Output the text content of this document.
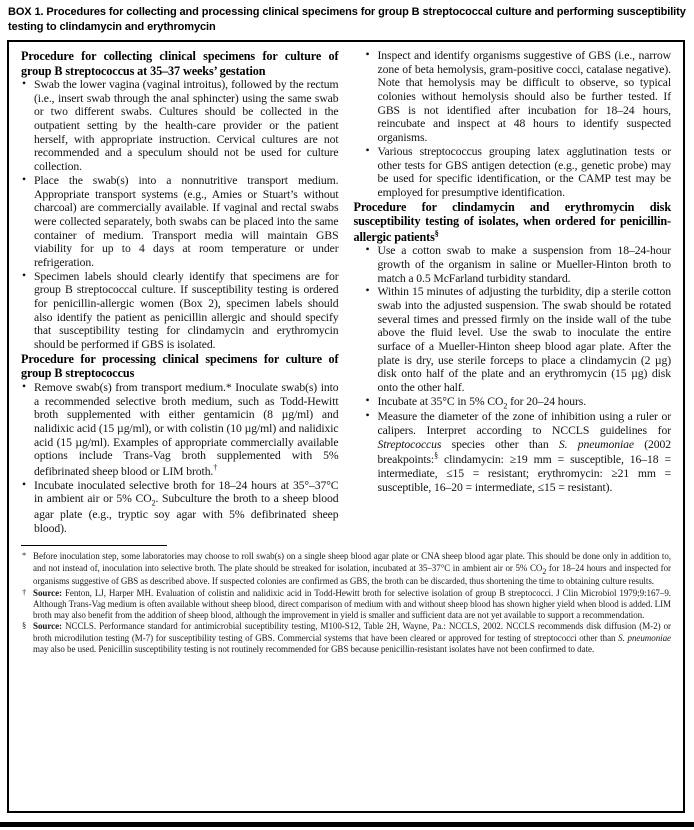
BOX 1. Procedures for collecting and processing clinical specimens for group B streptococcal culture and performing susceptibility testing to clindamycin and erythromycin
Procedure for collecting clinical specimens for culture of group B streptococcus at 35–37 weeks’ gestation
• Swab the lower vagina (vaginal introitus), followed by the rectum (i.e., insert swab through the anal sphincter) using the same swab or two different swabs. Cultures should be collected in the outpatient setting by the health-care provider or the patient herself, with appropriate instruction. Cervical cultures are not recommended and a speculum should not be used for culture collection.
• Place the swab(s) into a nonnutritive transport medium. Appropriate transport systems (e.g., Amies or Stuart’s without charcoal) are commercially available. If vaginal and rectal swabs were collected separately, both swabs can be placed into the same container of medium. Transport media will maintain GBS viability for up to 4 days at room temperature or under refrigeration.
• Specimen labels should clearly identify that specimens are for group B streptococcal culture. If susceptibility testing is ordered for penicillin-allergic women (Box 2), specimen labels should also identify the patient as penicillin allergic and should specify that susceptibility testing for clindamycin and erythromycin should be performed if GBS is isolated.
Procedure for processing clinical specimens for culture of group B streptococcus
• Remove swab(s) from transport medium.* Inoculate swab(s) into a recommended selective broth medium, such as Todd-Hewitt broth supplemented with either gentamicin (8 µg/ml) and nalidixic acid (15 µg/ml), or with colistin (10 µg/ml) and nalidixic acid (15 µg/ml). Examples of appropriate commercially available options include Trans-Vag broth supplemented with 5% defibrinated sheep blood or LIM broth.†
• Incubate inoculated selective broth for 18–24 hours at 35°–37°C in ambient air or 5% $CO_2$. Subculture the broth to a sheep blood agar plate (e.g., tryptic soy agar with 5% defibrinated sheep blood).
• Inspect and identify organisms suggestive of GBS (i.e., narrow zone of beta hemolysis, gram-positive cocci, catalase negative). Note that hemolysis may be difficult to observe, so typical colonies without hemolysis should also be further tested. If GBS is not identified after incubation for 18–24 hours, reincubate and inspect at 48 hours to identify suspected organisms.
• Various streptococcus grouping latex agglutination tests or other tests for GBS antigen detection (e.g., genetic probe) may be used for specific identification, or the CAMP test may be employed for presumptive identification.
Procedure for clindamycin and erythromycin disk susceptibility testing of isolates, when ordered for penicillin-allergic patients§
• Use a cotton swab to make a suspension from 18–24-hour growth of the organism in saline or Mueller-Hinton broth to match a 0.5 McFarland turbidity standard.
• Within 15 minutes of adjusting the turbidity, dip a sterile cotton swab into the adjusted suspension. The swab should be rotated several times and pressed firmly on the inside wall of the tube above the fluid level. Use the swab to inoculate the entire surface of a Mueller-Hinton sheep blood agar plate. After the plate is dry, use sterile forceps to place a clindamycin (2 µg) disk onto half of the plate and an erythromycin (15 µg) disk onto the other half.
• Incubate at 35°C in 5% $CO_2$ for 20–24 hours.
• Measure the diameter of the zone of inhibition using a ruler or calipers. Interpret according to NCCLS guidelines for Streptococcus species other than S. pneumoniae (2002 breakpoints:§ clindamycin: ≥19 mm = susceptible, 16–18 = intermediate, ≤15 = resistant; erythromycin: ≥21 mm = susceptible, 16–20 = intermediate, ≤15 = resistant).
* Before inoculation step, some laboratories may choose to roll swab(s) on a single sheep blood agar plate or CNA sheep blood agar plate. This should be done only in addition to, and not instead of, inoculation into selective broth. The plate should be streaked for isolation, incubated at 35–37°C in ambient air or 5% $CO_2$ for 18–24 hours and inspected for organisms suggestive of GBS as described above. If suspected colonies are confirmed as GBS, the broth can be discarded, thus shortening the time to obtaining culture results.
† Source: Fenton, LJ, Harper MH. Evaluation of colistin and nalidixic acid in Todd-Hewitt broth for selective isolation of group B streptococci. J Clin Microbiol 1979;9:167–9. Although Trans-Vag medium is often available without sheep blood, direct comparison of medium with and without sheep blood has shown higher yield when blood is added. LIM broth may also benefit from the addition of sheep blood, although the improvement in yield is smaller and sufficient data are not yet available to support a recommendation.
§ Source: NCCLS. Performance standard for antimicrobial suceptibility testing, M100-S12, Table 2H, Wayne, Pa.: NCCLS, 2002. NCCLS recommends disk diffusion (M-2) or broth microdilution testing (M-7) for susceptibility testing of GBS. Commercial systems that have been cleared or approved for testing of streptococci other than S. pneumoniae may also be used. Penicillin susceptibility testing is not routinely recommended for GBS because penicillin-resistant isolates have not been confirmed to date.
